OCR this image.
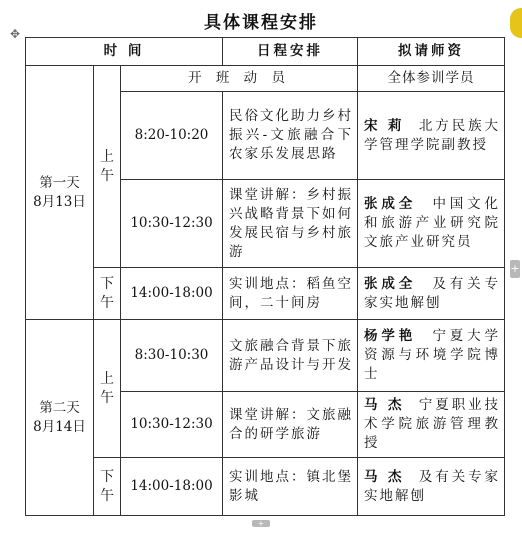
具体课程安排
✥
时 间			日程安排	拟请师资

第一天
8月13日	上午	开 班 动 员		全体参训学员
		8:20-10:20	民俗文化助力乡村振兴-文旅融合下农家乐发展思路	宋 莉 北方民族大学管理学院副教授
		10:30-12:30	课堂讲解：乡村振兴战略背景下如何发展民宿与乡村旅游	张成全 中国文化和旅游产业研究院文旅产业研究员

	下午	14:00-18:00	实训地点：稻鱼空间，二十间房	张成全 及有关专家实地解刨

第二天
8月14日	上午	8:30-10:30	文旅融合背景下旅游产品设计与开发	杨学艳 宁夏大学资源与环境学院博士
		10:30-12:30	课堂讲解：文旅融合的研学旅游	马 杰 宁夏职业技术学院旅游管理教授

	下午	14:00-18:00	实训地点：镇北堡影城	马 杰 及有关专家实地解刨
+
+
